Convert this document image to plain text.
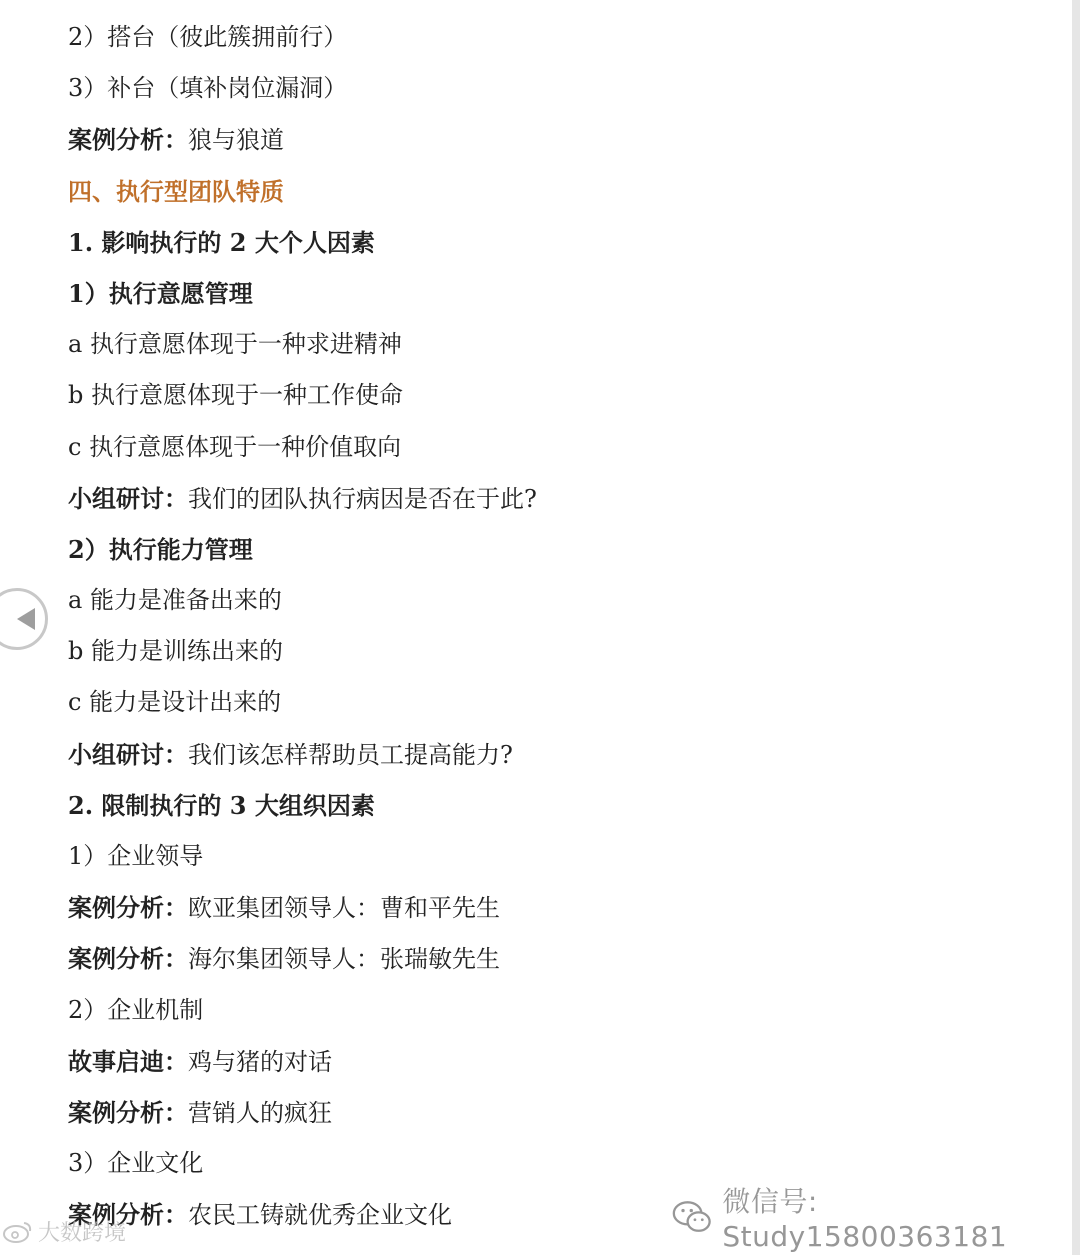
2）搭台（彼此簇拥前行）
3）补台（填补岗位漏洞）
案例分析：狼与狼道
四、执行型团队特质
1. 影响执行的 2 大个人因素
1）执行意愿管理
a 执行意愿体现于一种求进精神
b 执行意愿体现于一种工作使命
c 执行意愿体现于一种价值取向
小组研讨：我们的团队执行病因是否在于此?
2）执行能力管理
a 能力是准备出来的
b 能力是训练出来的
c 能力是设计出来的
小组研讨：我们该怎样帮助员工提高能力?
2. 限制执行的 3 大组织因素
1）企业领导
案例分析：欧亚集团领导人：曹和平先生
案例分析：海尔集团领导人：张瑞敏先生
2）企业机制
故事启迪：鸡与猪的对话
案例分析：营销人的疯狂
3）企业文化
案例分析：农民工铸就优秀企业文化	微信号: Study15800363181
大数跨境
